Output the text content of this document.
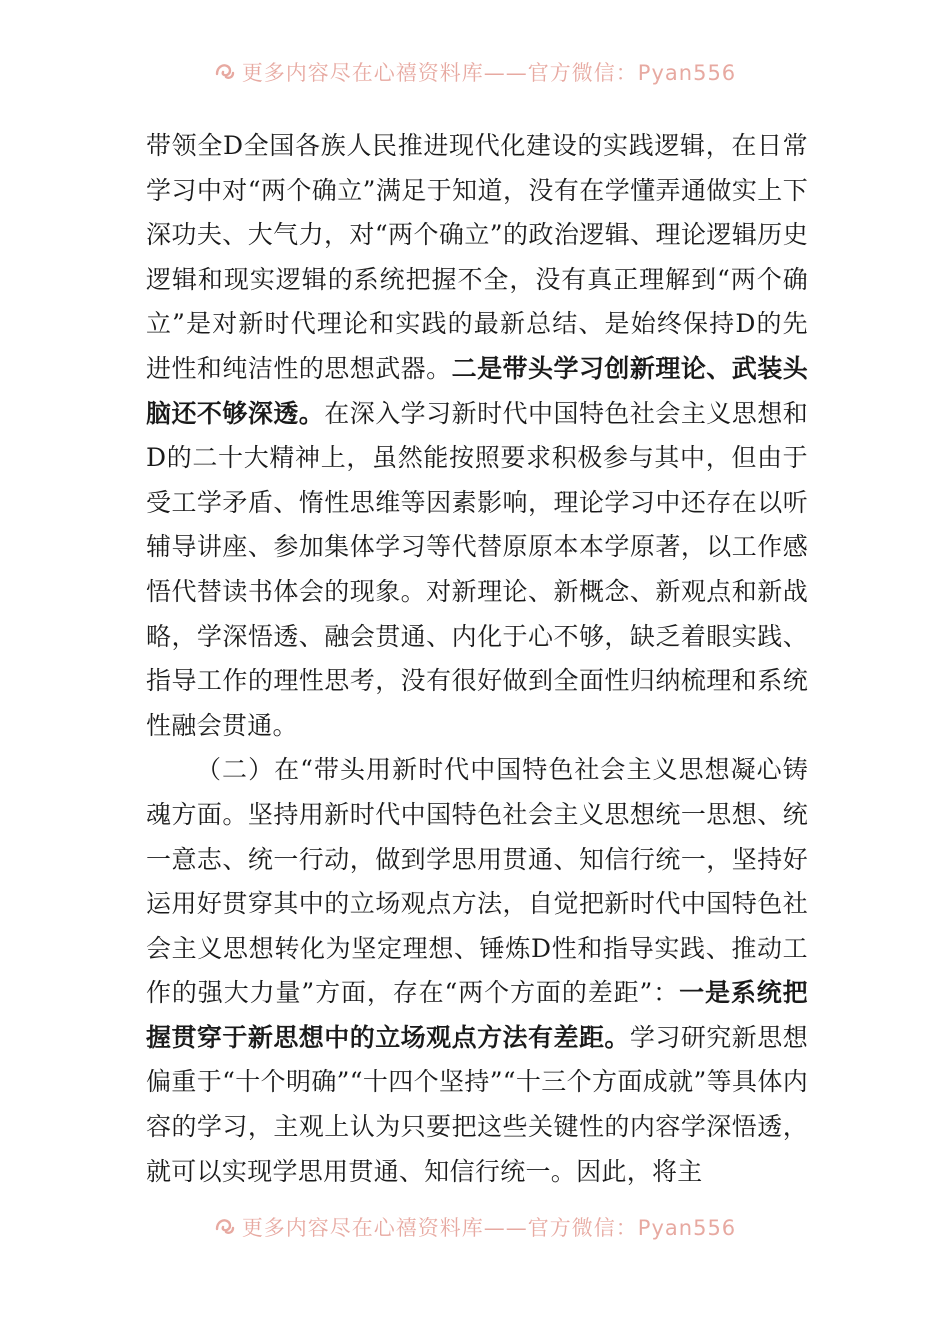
更多内容尽在心禧资料库——官方微信：Pyan556

带领全D全国各族人民推进现代化建设的实践逻辑，在日常学习中对“两个确立”满足于知道，没有在学懂弄通做实上下深功夫、大气力，对“两个确立”的政治逻辑、理论逻辑历史逻辑和现实逻辑的系统把握不全，没有真正理解到“两个确立”是对新时代理论和实践的最新总结、是始终保持D的先进性和纯洁性的思想武器。二是带头学习创新理论、武装头脑还不够深透。在深入学习新时代中国特色社会主义思想和D的二十大精神上，虽然能按照要求积极参与其中，但由于受工学矛盾、惰性思维等因素影响，理论学习中还存在以听辅导讲座、参加集体学习等代替原原本本学原著，以工作感悟代替读书体会的现象。对新理论、新概念、新观点和新战略，学深悟透、融会贯通、内化于心不够，缺乏着眼实践、指导工作的理性思考，没有很好做到全面性归纳梳理和系统性融会贯通。

（二）在“带头用新时代中国特色社会主义思想凝心铸魂方面。坚持用新时代中国特色社会主义思想统一思想、统一意志、统一行动，做到学思用贯通、知信行统一，坚持好运用好贯穿其中的立场观点方法，自觉把新时代中国特色社会主义思想转化为坚定理想、锤炼D性和指导实践、推动工作的强大力量”方面，存在“两个方面的差距”：一是系统把握贯穿于新思想中的立场观点方法有差距。学习研究新思想偏重于“十个明确”“十四个坚持”“十三个方面成就”等具体内容的学习，主观上认为只要把这些关键性的内容学深悟透，就可以实现学思用贯通、知信行统一。因此，将主

更多内容尽在心禧资料库——官方微信：Pyan556
